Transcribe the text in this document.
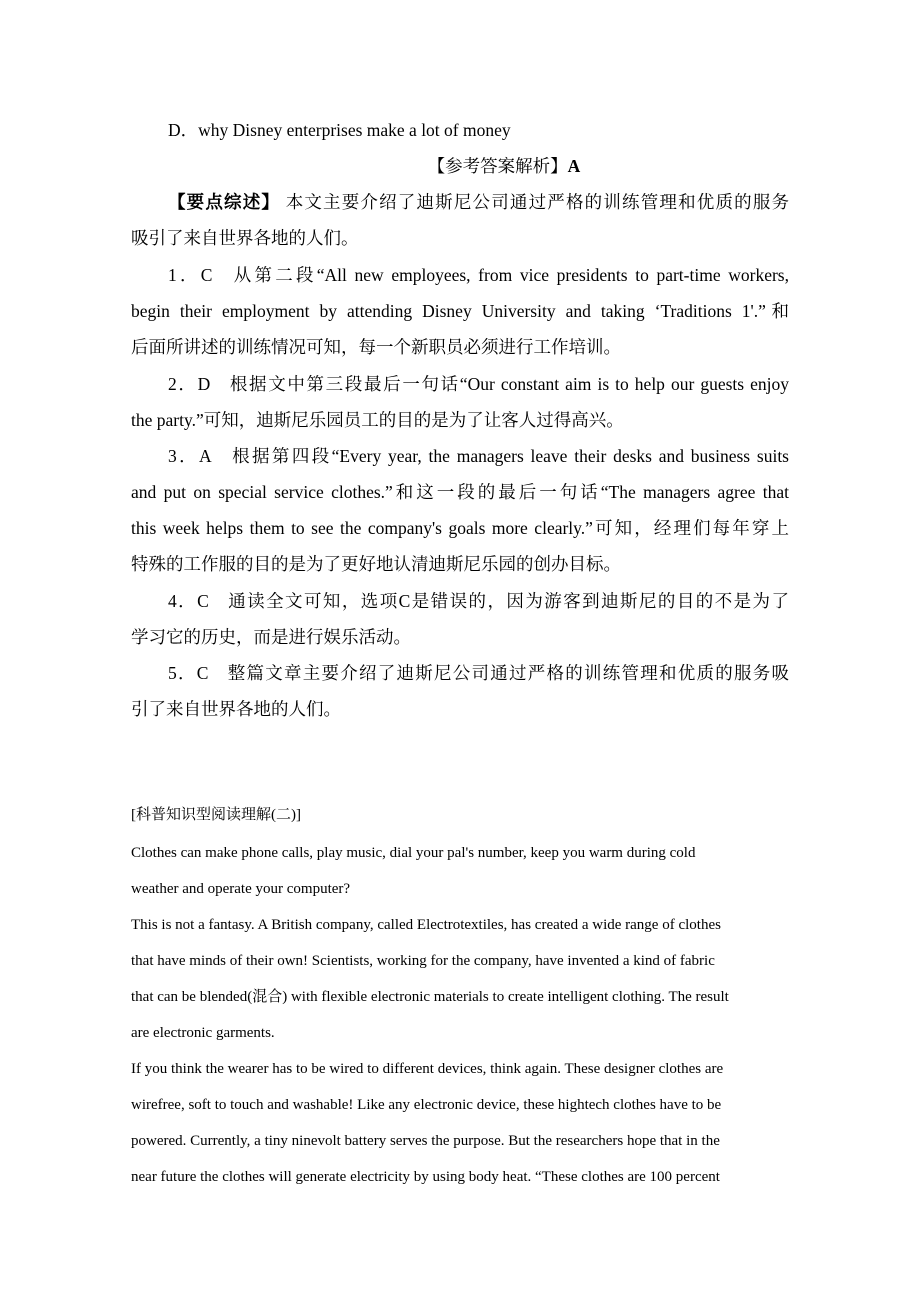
D．why Disney enterprises make a lot of money
【参考答案解析】A
【要点综述】 本文主要介绍了迪斯尼公司通过严格的训练管理和优质的服务
吸引了来自世界各地的人们。
1．C 从第二段“All new employees, from vice presidents to part-time workers,
begin their employment by attending Disney University and taking ‘Traditions 1'.”和
后面所讲述的训练情况可知，每一个新职员必须进行工作培训。
2．D 根据文中第三段最后一句话“Our constant aim is to help our guests enjoy
the party.”可知，迪斯尼乐园员工的目的是为了让客人过得高兴。
3．A 根据第四段“Every year, the managers leave their desks and business suits
and put on special service clothes.”和这一段的最后一句话“The managers agree that
this week helps them to see the company's goals more clearly.”可知，经理们每年穿上
特殊的工作服的目的是为了更好地认清迪斯尼乐园的创办目标。
4．C 通读全文可知，选项C是错误的，因为游客到迪斯尼的目的不是为了
学习它的历史，而是进行娱乐活动。
5．C 整篇文章主要介绍了迪斯尼公司通过严格的训练管理和优质的服务吸
引了来自世界各地的人们。
[科普知识型阅读理解(二)]
Clothes can make phone calls, play music, dial your pal's number, keep you warm during cold
weather and operate your computer?
This is not a fantasy. A British company, called Electrotextiles, has created a wide range of clothes
that have minds of their own! Scientists, working for the company, have invented a kind of fabric
that can be blended(混合) with flexible electronic materials to create intelligent clothing. The result
are electronic garments.
If you think the wearer has to be wired to different devices, think again. These designer clothes are
wirefree, soft to touch and washable! Like any electronic device, these hightech clothes have to be
powered. Currently, a tiny ninevolt battery serves the purpose. But the researchers hope that in the
near future the clothes will generate electricity by using body heat. “These clothes are 100 percent
